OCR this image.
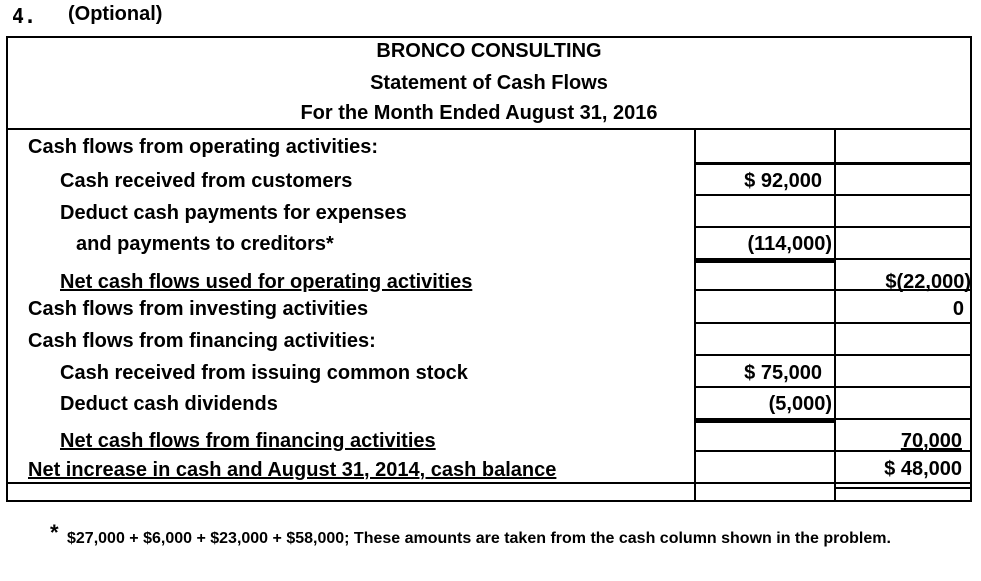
4. (Optional)
BRONCO CONSULTING
Statement of Cash Flows
For the Month Ended August 31, 2016
Cash flows from operating activities:
Cash received from customers
Deduct cash payments for expenses
and payments to creditors*
Net cash flows used for operating activities
Cash flows from investing activities
Cash flows from financing activities:
Cash received from issuing common stock
Deduct cash dividends
Net cash flows from financing activities
Net increase in cash and August 31, 2014, cash balance
$ 92,000
(114,000)
$ 75,000
(5,000)
$(22,000)
0
70,000
$ 48,000
* $27,000 + $6,000 + $23,000 + $58,000; These amounts are taken from the cash column shown in the problem.
